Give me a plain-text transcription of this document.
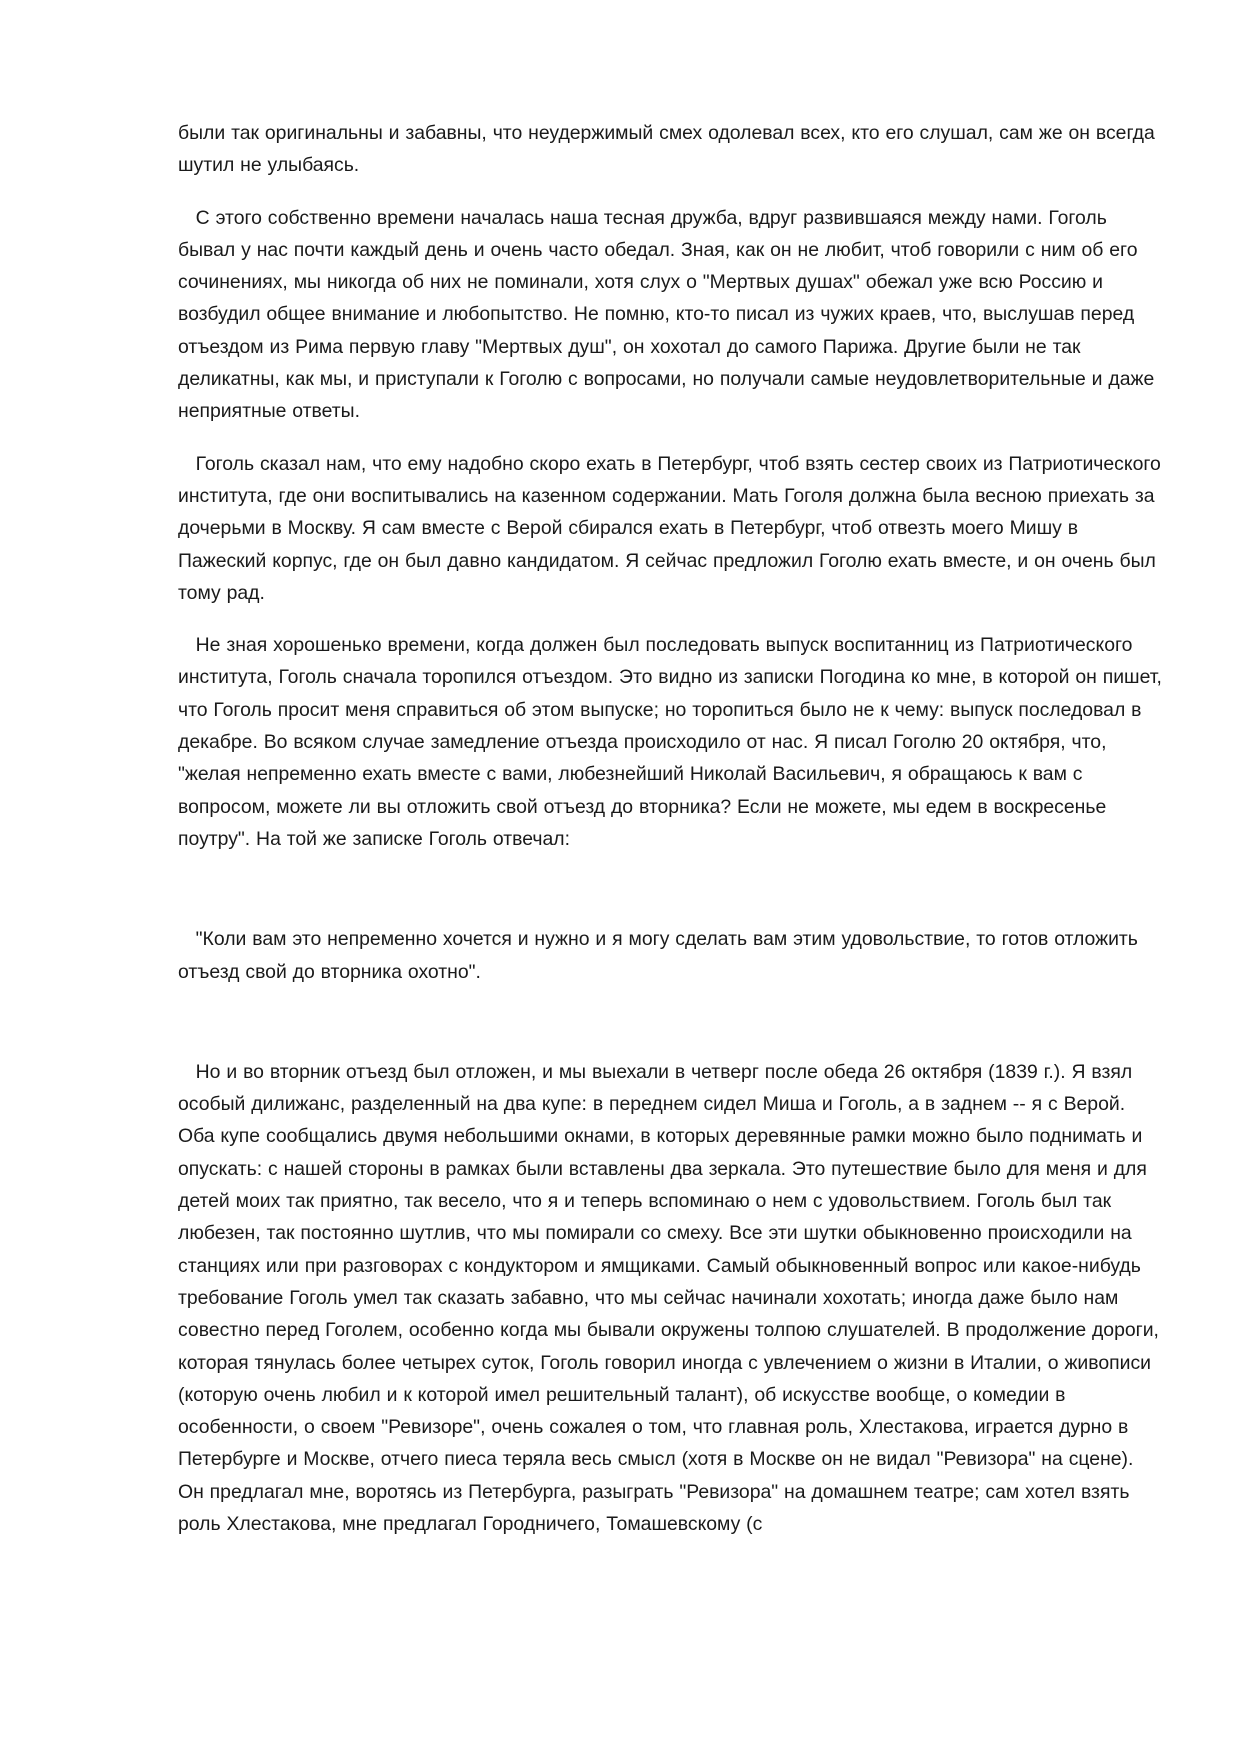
были так оригинальны и забавны, что неудержимый смех одолевал всех, кто его слушал, сам же он всегда шутил не улыбаясь.

С этого собственно времени началась наша тесная дружба, вдруг развившаяся между нами. Гоголь бывал у нас почти каждый день и очень часто обедал. Зная, как он не любит, чтоб говорили с ним об его сочинениях, мы никогда об них не поминали, хотя слух о "Мертвых душах" обежал уже всю Россию и возбудил общее внимание и любопытство. Не помню, кто-то писал из чужих краев, что, выслушав перед отъездом из Рима первую главу "Мертвых душ", он хохотал до самого Парижа. Другие были не так деликатны, как мы, и приступали к Гоголю с вопросами, но получали самые неудовлетворительные и даже неприятные ответы.

Гоголь сказал нам, что ему надобно скоро ехать в Петербург, чтоб взять сестер своих из Патриотического института, где они воспитывались на казенном содержании. Мать Гоголя должна была весною приехать за дочерьми в Москву. Я сам вместе с Верой сбирался ехать в Петербург, чтоб отвезть моего Мишу в Пажеский корпус, где он был давно кандидатом. Я сейчас предложил Гоголю ехать вместе, и он очень был тому рад.

Не зная хорошенько времени, когда должен был последовать выпуск воспитанниц из Патриотического института, Гоголь сначала торопился отъездом. Это видно из записки Погодина ко мне, в которой он пишет, что Гоголь просит меня справиться об этом выпуске; но торопиться было не к чему: выпуск последовал в декабре. Во всяком случае замедление отъезда происходило от нас. Я писал Гоголю 20 октября, что, "желая непременно ехать вместе с вами, любезнейший Николай Васильевич, я обращаюсь к вам с вопросом, можете ли вы отложить свой отъезд до вторника? Если не можете, мы едем в воскресенье поутру". На той же записке Гоголь отвечал:

"Коли вам это непременно хочется и нужно и я могу сделать вам этим удовольствие, то готов отложить отъезд свой до вторника охотно".

Но и во вторник отъезд был отложен, и мы выехали в четверг после обеда 26 октября (1839 г.). Я взял особый дилижанс, разделенный на два купе: в переднем сидел Миша и Гоголь, а в заднем -- я с Верой. Оба купе сообщались двумя небольшими окнами, в которых деревянные рамки можно было поднимать и опускать: с нашей стороны в рамках были вставлены два зеркала. Это путешествие было для меня и для детей моих так приятно, так весело, что я и теперь вспоминаю о нем с удовольствием. Гоголь был так любезен, так постоянно шутлив, что мы помирали со смеху. Все эти шутки обыкновенно происходили на станциях или при разговорах с кондуктором и ямщиками. Самый обыкновенный вопрос или какое-нибудь требование Гоголь умел так сказать забавно, что мы сейчас начинали хохотать; иногда даже было нам совестно перед Гоголем, особенно когда мы бывали окружены толпою слушателей. В продолжение дороги, которая тянулась более четырех суток, Гоголь говорил иногда с увлечением о жизни в Италии, о живописи (которую очень любил и к которой имел решительный талант), об искусстве вообще, о комедии в особенности, о своем "Ревизоре", очень сожалея о том, что главная роль, Хлестакова, играется дурно в Петербурге и Москве, отчего пиеса теряла весь смысл (хотя в Москве он не видал "Ревизора" на сцене). Он предлагал мне, воротясь из Петербурга, разыграть "Ревизора" на домашнем театре; сам хотел взять роль Хлестакова, мне предлагал Городничего, Томашевскому (с
